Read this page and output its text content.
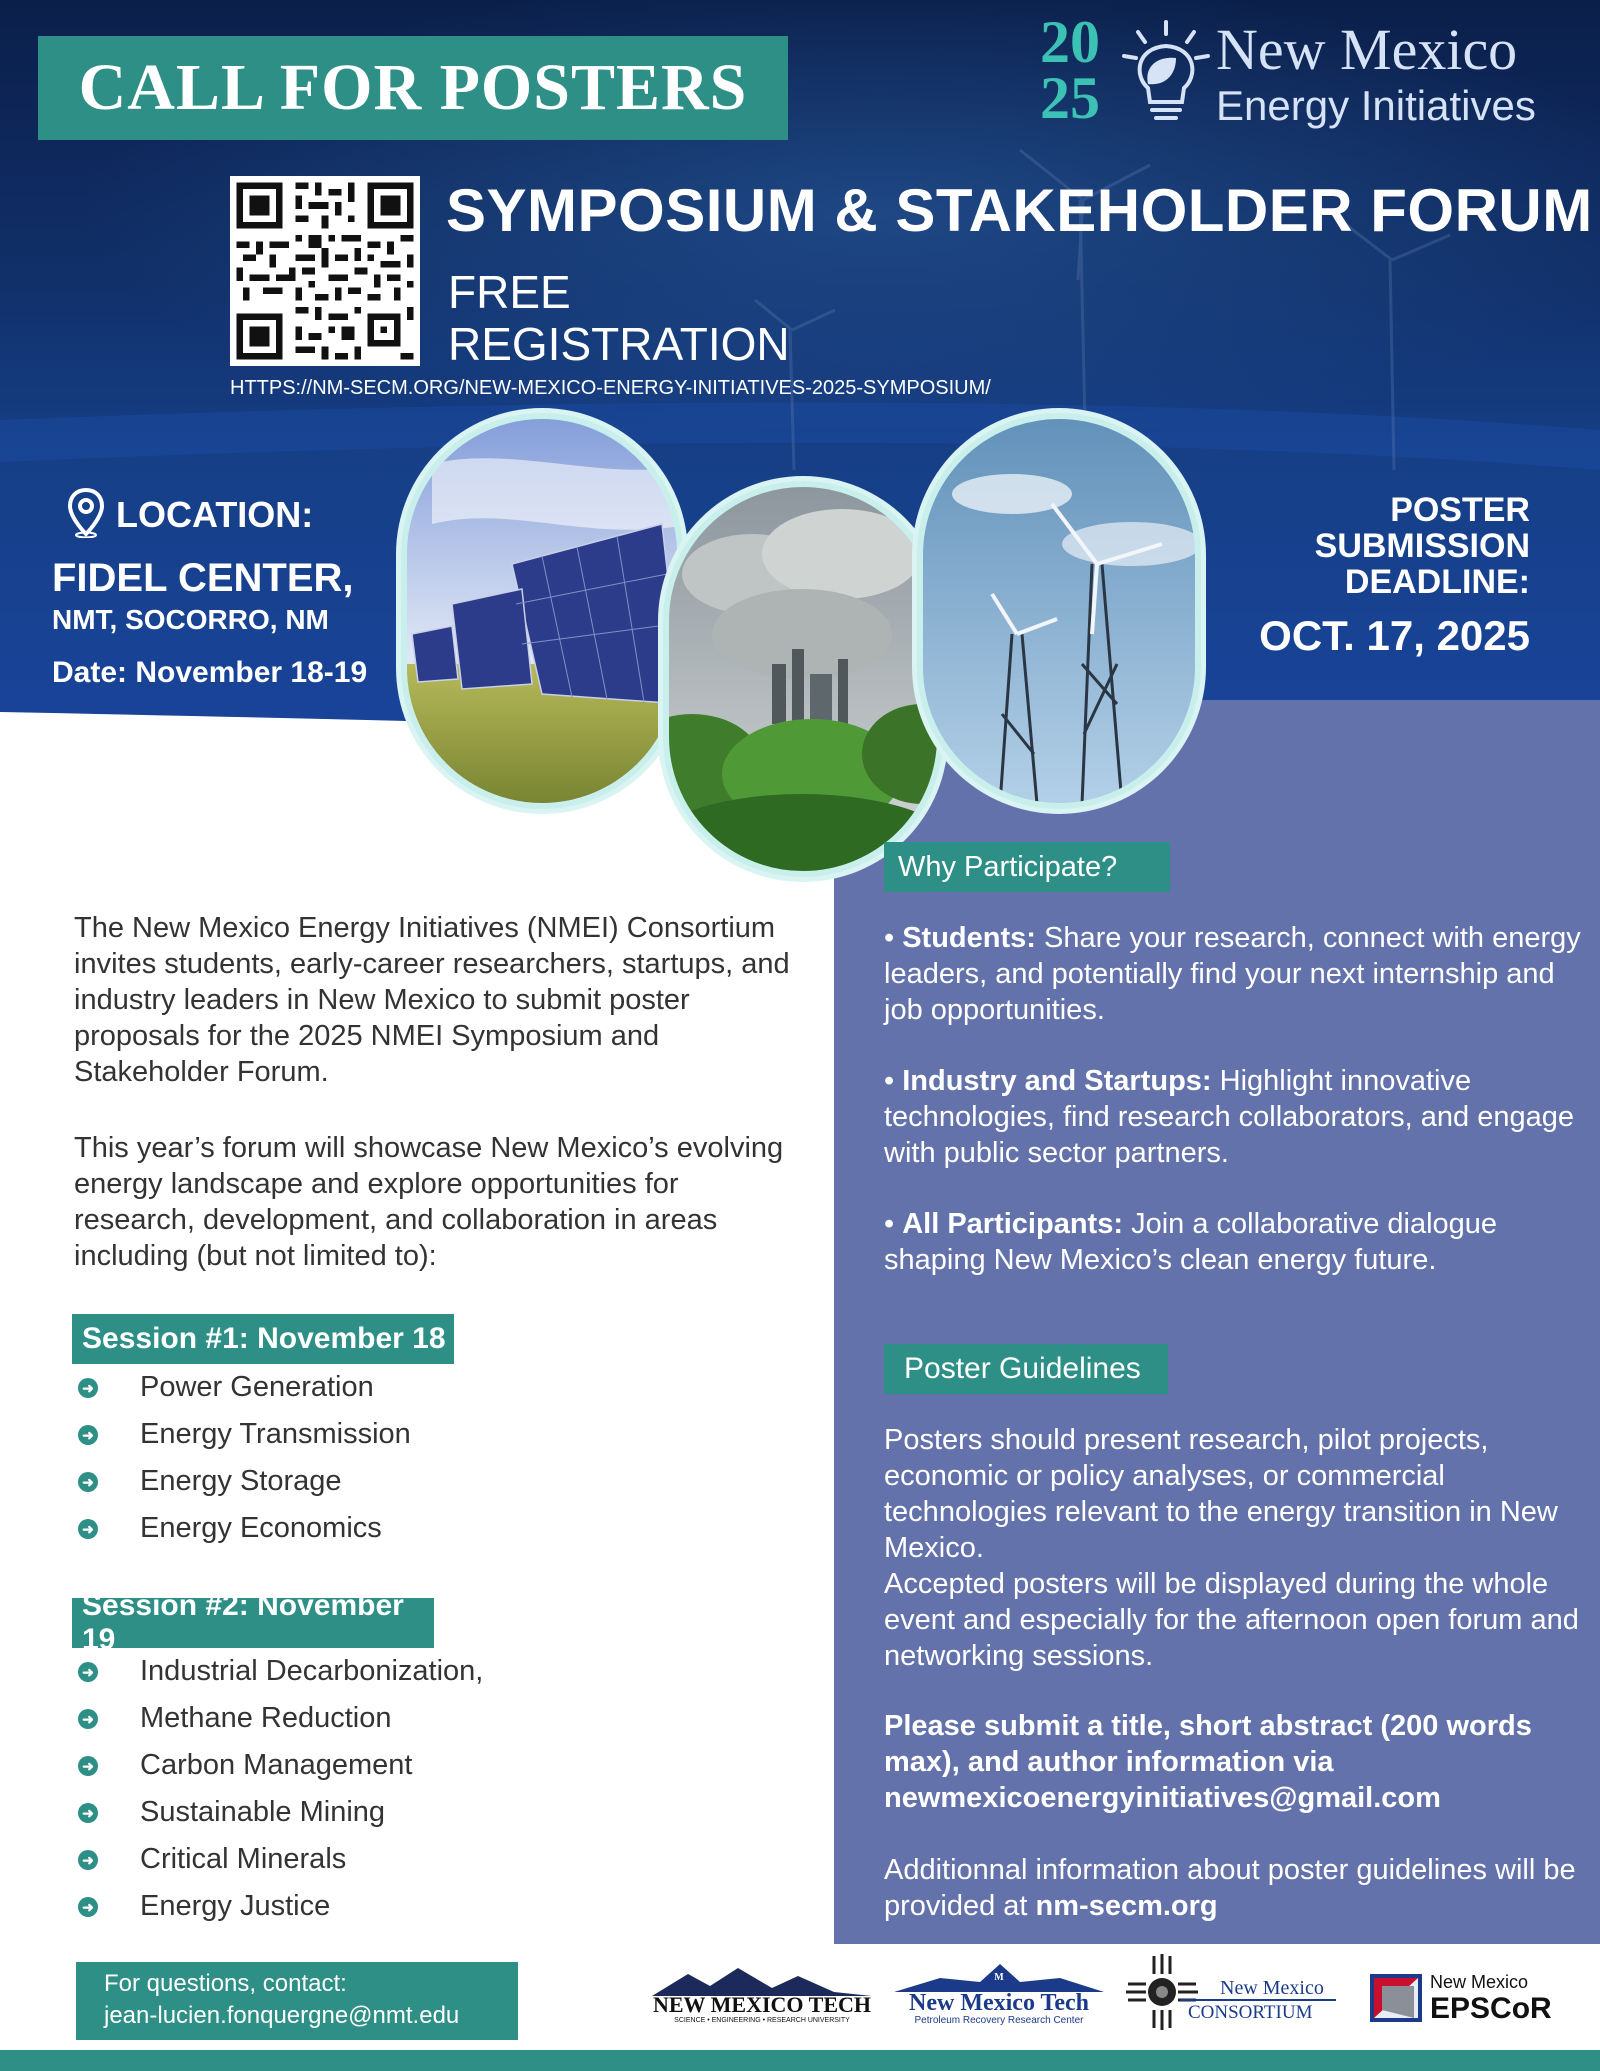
CALL FOR POSTERS
20
25
New Mexico
Energy Initiatives
SYMPOSIUM & STAKEHOLDER FORUM
FREE
REGISTRATION
HTTPS://NM-SECM.ORG/NEW-MEXICO-ENERGY-INITIATIVES-2025-SYMPOSIUM/
LOCATION:
FIDEL CENTER,
NMT, SOCORRO, NM
Date: November 18-19
POSTER
SUBMISSION
DEADLINE:
OCT. 17, 2025
Why Participate?
• Students: Share your research, connect with energy leaders, and potentially find your next internship and job opportunities.
• Industry and Startups: Highlight innovative technologies, find research collaborators, and engage with public sector partners.
• All Participants: Join a collaborative dialogue shaping New Mexico’s clean energy future.
Poster Guidelines
Posters should present research, pilot projects, economic or policy analyses, or commercial technologies relevant to the energy transition in New Mexico.
Accepted posters will be displayed during the whole event and especially for the afternoon open forum and networking sessions.
Please submit a title, short abstract (200 words max), and author information via newmexicoenergyinitiatives@gmail.com
Additionnal information about poster guidelines will be provided at nm-secm.org
The New Mexico Energy Initiatives (NMEI) Consortium invites students, early-career researchers, startups, and industry leaders in New Mexico to submit poster proposals for the 2025 NMEI Symposium and Stakeholder Forum.
This year’s forum will showcase New Mexico’s evolving energy landscape and explore opportunities for research, development, and collaboration in areas including (but not limited to):
Session #1: November 18
➜ Power Generation
➜ Energy Transmission
➜ Energy Storage
➜ Energy Economics
Session #2: November 19
➜ Industrial Decarbonization,
➜ Methane Reduction
➜ Carbon Management
➜ Sustainable Mining
➜ Critical Minerals
➜ Energy Justice
For questions, contact:
jean-lucien.fonquergne@nmt.edu	NEW MEXICO TECH
SCIENCE • ENGINEERING • RESEARCH UNIVERSITY
M
New Mexico Tech
Petroleum Recovery Research Center
New Mexico
CONSORTIUM
New Mexico
EPSCoR
